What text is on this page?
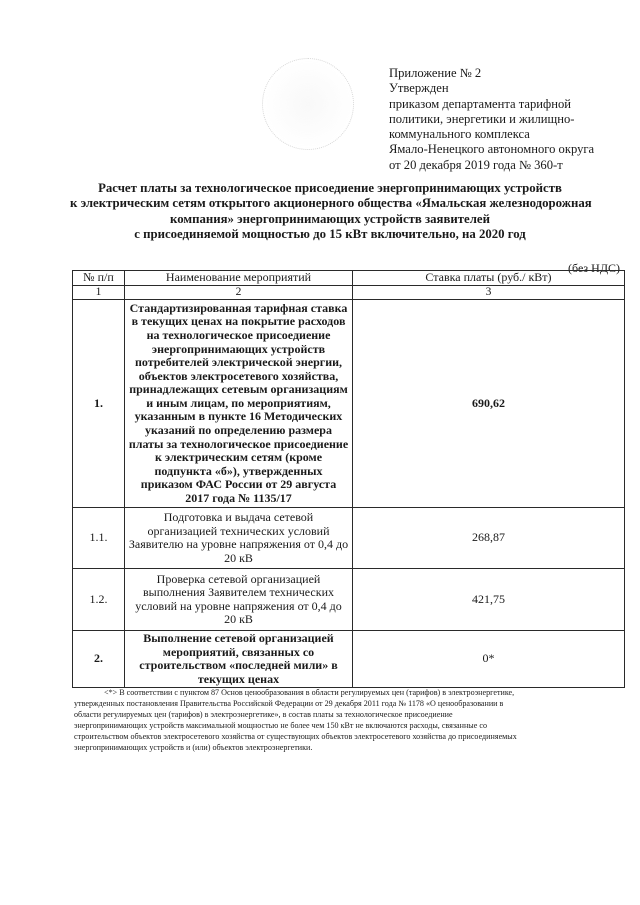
Приложение № 2
Утвержден
приказом департамента тарифной
политики, энергетики и жилищно-
коммунального комплекса
Ямало-Ненецкого автономного округа
от 20 декабря 2019 года № 360-т
Расчет платы за технологическое присоедиение энергопринимающих устройств
к электрическим сетям открытого акционерного общества «Ямальская железнодорожная
компания» энергопринимающих устройств заявителей
с присоединяемой мощностью до 15 кВт включительно, на 2020 год
(без НДС)
№ п/п	Наименование мероприятий	Ставка платы (руб./ кВт)
1	2	3
1.	Стандартизированная тарифная ставка в текущих ценах на покрытие расходов на технологическое присоедиение энергопринимающих устройств потребителей электрической энергии, объектов электросетевого хозяйства, принадлежащих сетевым организациям и иным лицам, по мероприятиям, указанным в пункте 16 Методических указаний по определению размера платы за технологическое присоедиение к электрическим сетям (кроме подпункта «б»), утвержденных приказом ФАС России от 29 августа 2017 года № 1135/17	690,62
1.1.	Подготовка и выдача сетевой организацией технических условий Заявителю на уровне напряжения от 0,4 до 20 кВ	268,87
1.2.	Проверка сетевой организацией выполнения Заявителем технических условий на уровне напряжения от 0,4 до 20 кВ	421,75
2.	Выполнение сетевой организацией мероприятий, связанных со строительством «последней мили» в текущих ценах	0*
<*> В соответствии с пунктом 87 Основ ценообразования в области регулируемых цен (тарифов) в электроэнергетике,
утвержденных постановления Правительства Российской Федерации от 29 декабря 2011 года № 1178 «О ценообразовании в
области регулируемых цен (тарифов) в электроэнергетике», в состав платы за технологическое присоедиение
энергопринимающих устройств максимальной мощностью не более чем 150 кВт не включаются расходы, связанные со
строительством объектов электросетевого хозяйства от существующих объектов электросетевого хозяйства до присоединяемых
энергопринимающих устройств и (или) объектов электроэнергетики.
